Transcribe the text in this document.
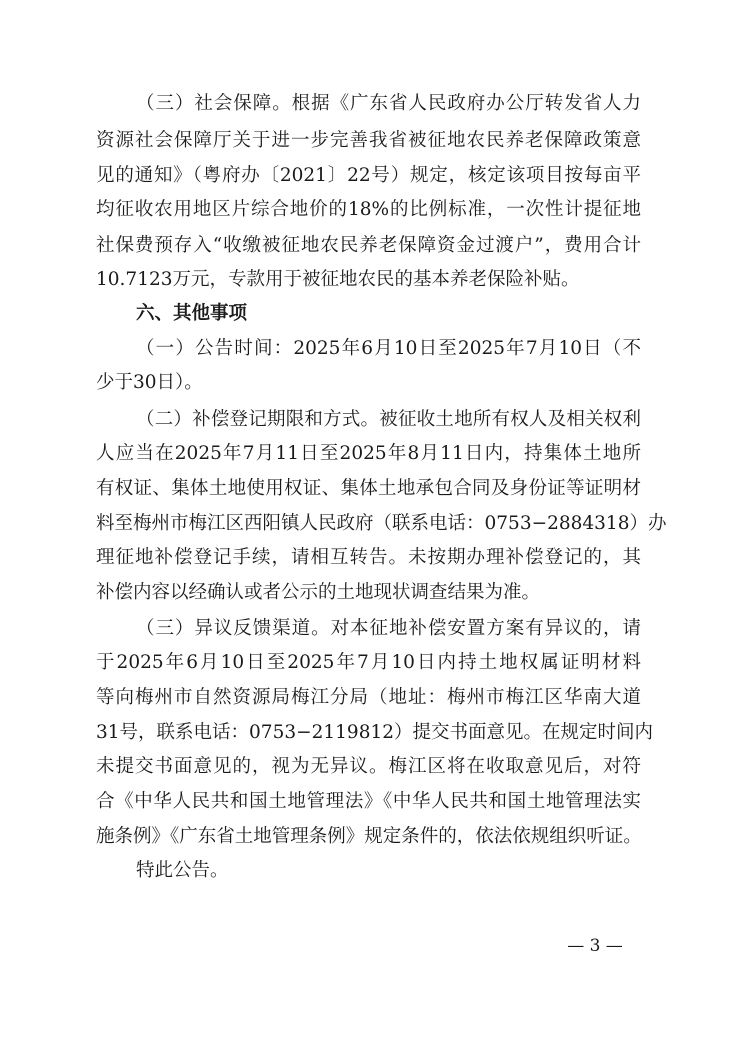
（三）社会保障。根据《广东省人民政府办公厅转发省人力
资源社会保障厅关于进一步完善我省被征地农民养老保障政策意
见的通知》（粤府办〔2021〕22号）规定，核定该项目按每亩平
均征收农用地区片综合地价的18%的比例标准，一次性计提征地
社保费预存入“收缴被征地农民养老保障资金过渡户”，费用合计
10.7123万元，专款用于被征地农民的基本养老保险补贴。
六、其他事项
（一）公告时间：2025年6月10日至2025年7月10日（不
少于30日）。
（二）补偿登记期限和方式。被征收土地所有权人及相关权利
人应当在2025年7月11日至2025年8月11日内，持集体土地所
有权证、集体土地使用权证、集体土地承包合同及身份证等证明材
料至梅州市梅江区西阳镇人民政府（联系电话：0753−2884318）办
理征地补偿登记手续，请相互转告。未按期办理补偿登记的，其
补偿内容以经确认或者公示的土地现状调查结果为准。
（三）异议反馈渠道。对本征地补偿安置方案有异议的，请
于2025年6月10日至2025年7月10日内持土地权属证明材料
等向梅州市自然资源局梅江分局（地址：梅州市梅江区华南大道
31号，联系电话：0753−2119812）提交书面意见。在规定时间内
未提交书面意见的，视为无异议。梅江区将在收取意见后，对符
合《中华人民共和国土地管理法》《中华人民共和国土地管理法实
施条例》《广东省土地管理条例》规定条件的，依法依规组织听证。
特此公告。
— 3 —
